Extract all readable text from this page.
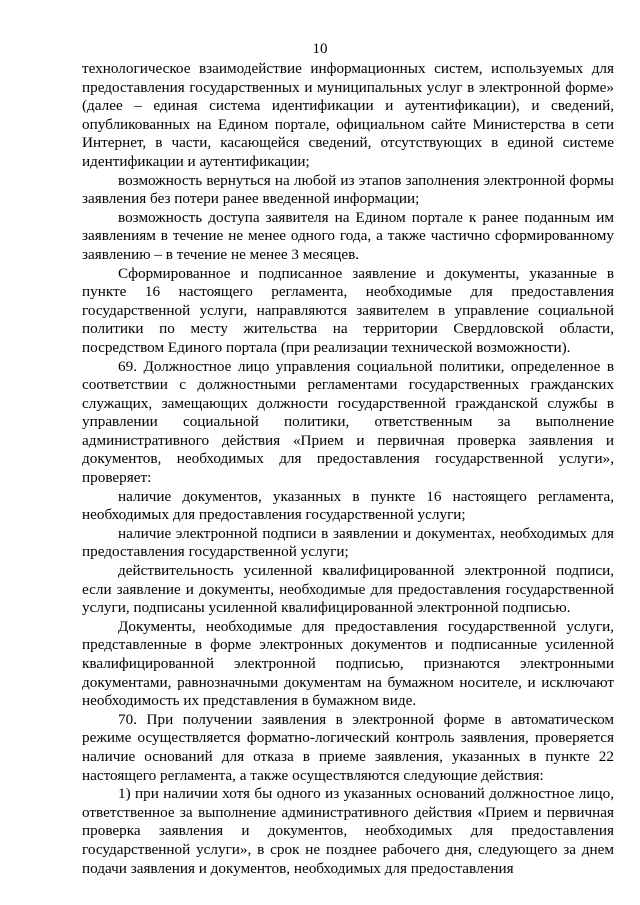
10

технологическое взаимодействие информационных систем, используемых для предоставления государственных и муниципальных услуг в электронной форме» (далее – единая система идентификации и аутентификации), и сведений, опубликованных на Едином портале, официальном сайте Министерства в сети Интернет, в части, касающейся сведений, отсутствующих в единой системе идентификации и аутентификации;

возможность вернуться на любой из этапов заполнения электронной формы заявления без потери ранее введенной информации;

возможность доступа заявителя на Едином портале к ранее поданным им заявлениям в течение не менее одного года, а также частично сформированному заявлению – в течение не менее 3 месяцев.

Сформированное и подписанное заявление и документы, указанные в пункте 16 настоящего регламента, необходимые для предоставления государственной услуги, направляются заявителем в управление социальной политики по месту жительства на территории Свердловской области, посредством Единого портала (при реализации технической возможности).

69. Должностное лицо управления социальной политики, определенное в соответствии с должностными регламентами государственных гражданских служащих, замещающих должности государственной гражданской службы в управлении социальной политики, ответственным за выполнение административного действия «Прием и первичная проверка заявления и документов, необходимых для предоставления государственной услуги», проверяет:

наличие документов, указанных в пункте 16 настоящего регламента, необходимых для предоставления государственной услуги;

наличие электронной подписи в заявлении и документах, необходимых для предоставления государственной услуги;

действительность усиленной квалифицированной электронной подписи, если заявление и документы, необходимые для предоставления государственной услуги, подписаны усиленной квалифицированной электронной подписью.

Документы, необходимые для предоставления государственной услуги, представленные в форме электронных документов и подписанные усиленной квалифицированной электронной подписью, признаются электронными документами, равнозначными документам на бумажном носителе, и исключают необходимость их представления в бумажном виде.

70. При получении заявления в электронной форме в автоматическом режиме осуществляется форматно-логический контроль заявления, проверяется наличие оснований для отказа в приеме заявления, указанных в пункте 22 настоящего регламента, а также осуществляются следующие действия:

1) при наличии хотя бы одного из указанных оснований должностное лицо, ответственное за выполнение административного действия «Прием и первичная проверка заявления и документов, необходимых для предоставления государственной услуги», в срок не позднее рабочего дня, следующего за днем подачи заявления и документов, необходимых для предоставления
